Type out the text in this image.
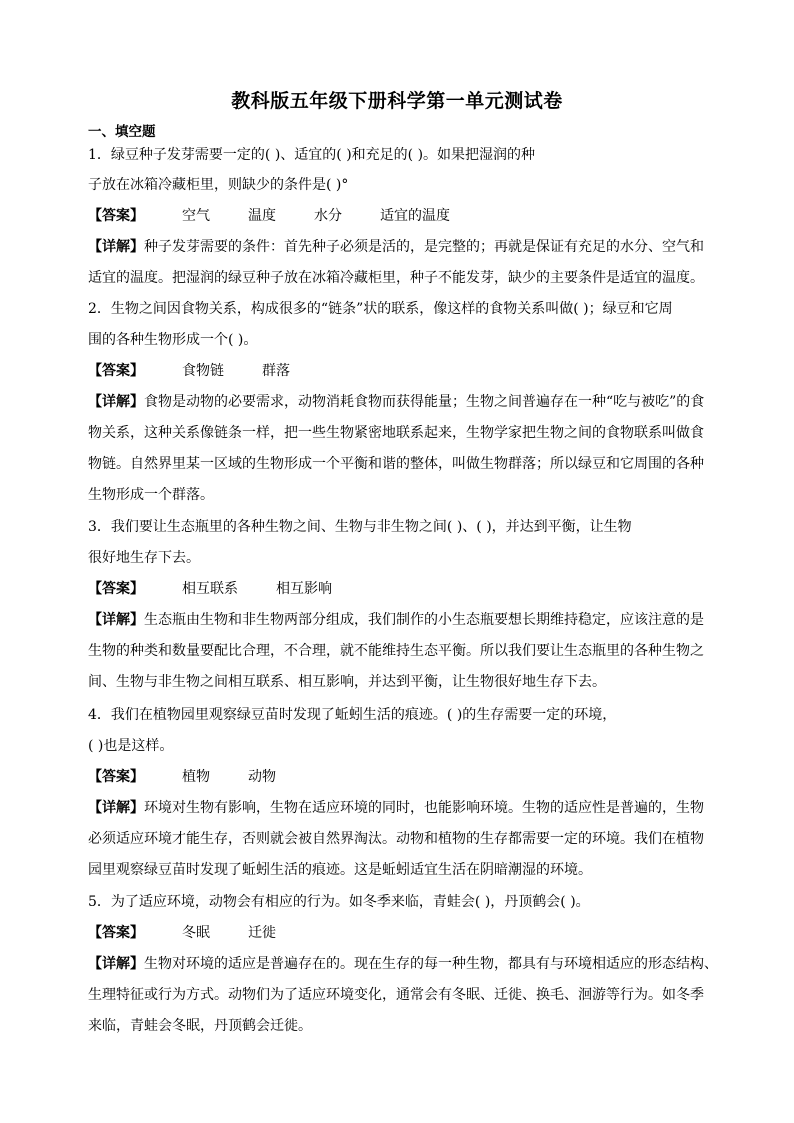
教科版五年级下册科学第一单元测试卷
一、填空题
1．绿豆种子发芽需要一定的( )、适宜的( )和充足的( )。如果把湿润的种
子放在冰箱冷藏柜里，则缺少的条件是( )°
【答案】	空气	温度	水分	适宜的温度
【详解】种子发芽需要的条件：首先种子必须是活的，是完整的；再就是保证有充足的水分、空气和
适宜的温度。把湿润的绿豆种子放在冰箱冷藏柜里，种子不能发芽，缺少的主要条件是适宜的温度。
2．生物之间因食物关系，构成很多的“链条”状的联系，像这样的食物关系叫做( )；绿豆和它周
围的各种生物形成一个( )。
【答案】	食物链	群落
【详解】食物是动物的必要需求，动物消耗食物而获得能量；生物之间普遍存在一种“吃与被吃”的食
物关系，这种关系像链条一样，把一些生物紧密地联系起来，生物学家把生物之间的食物联系叫做食
物链。自然界里某一区域的生物形成一个平衡和谐的整体，叫做生物群落；所以绿豆和它周围的各种
生物形成一个群落。
3．我们要让生态瓶里的各种生物之间、生物与非生物之间( )、( )，并达到平衡，让生物
很好地生存下去。
【答案】	相互联系	相互影响
【详解】生态瓶由生物和非生物两部分组成，我们制作的小生态瓶要想长期维持稳定，应该注意的是
生物的种类和数量要配比合理，不合理，就不能维持生态平衡。所以我们要让生态瓶里的各种生物之
间、生物与非生物之间相互联系、相互影响，并达到平衡，让生物很好地生存下去。
4．我们在植物园里观察绿豆苗时发现了蚯蚓生活的痕迹。( )的生存需要一定的环境，
( )也是这样。
【答案】	植物	动物
【详解】环境对生物有影响，生物在适应环境的同时，也能影响环境。生物的适应性是普遍的，生物
必须适应环境才能生存，否则就会被自然界淘汰。动物和植物的生存都需要一定的环境。我们在植物
园里观察绿豆苗时发现了蚯蚓生活的痕迹。这是蚯蚓适宜生活在阴暗潮湿的环境。
5．为了适应环境，动物会有相应的行为。如冬季来临，青蛙会( )，丹顶鹤会( )。
【答案】	冬眠	迁徙
【详解】生物对环境的适应是普遍存在的。现在生存的每一种生物，都具有与环境相适应的形态结构、
生理特征或行为方式。动物们为了适应环境变化，通常会有冬眠、迁徙、换毛、洄游等行为。如冬季
来临，青蛙会冬眠，丹顶鹤会迁徙。
